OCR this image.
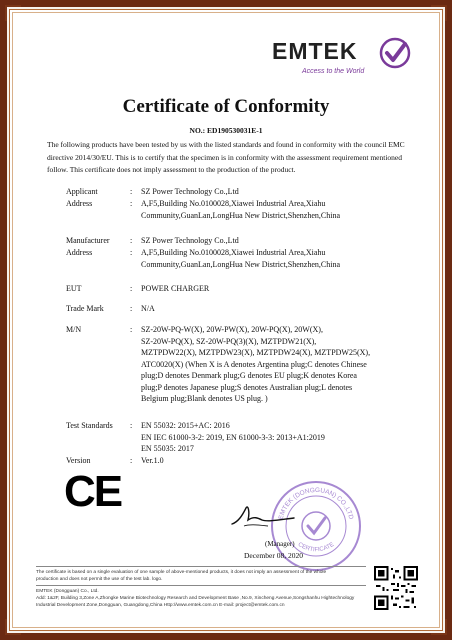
EMTEK
Access to the World
Certificate of Conformity
NO.: ED190530031E-1
The following products have been tested by us with the listed standards and found in conformity with the council EMC directive 2014/30/EU. This is to certify that the specimen is in conformity with the assessment requirement mentioned follow. This certificate does not imply assessment to the production of the product.
Applicant	: SZ Power Technology Co.,Ltd
Address	: A,F5,Building No.0100028,Xiawei Industrial Area,Xiahu
Community,GuanLan,LongHua New District,Shenzhen,China
Manufacturer	: SZ Power Technology Co.,Ltd
Address	: A,F5,Building No.0100028,Xiawei Industrial Area,Xiahu
Community,GuanLan,LongHua New District,Shenzhen,China
EUT	: POWER CHARGER
Trade Mark	: N/A
M/N	: SZ-20W-PQ-W(X), 20W-PW(X), 20W-PQ(X), 20W(X),
SZ-20W-PQ(X), SZ-20W-PQ(3)(X), MZTPDW21(X),
MZTPDW22(X), MZTPDW23(X), MZTPDW24(X), MZTPDW25(X),
ATC0020(X) (When X is A denotes Argentina plug;C denotes Chinese
plug;D denotes Denmark plug;G denotes EU plug;K denotes Korea
plug;P denotes Japanese plug;S denotes Australian plug;L denotes
Belgium plug;Blank denotes US plug. )
Test Standards : EN 55032: 2015+AC: 2016
EN IEC 61000-3-2: 2019, EN 61000-3-3: 2013+A1:2019
EN 55035: 2017
Version	: Ver.1.0
CE
EMTEK (DONGGUAN) CO.,LTD
CERTIFICATE
(Manager)
December 08, 2020
The certificate is based on a single evaluation of one sample of above-mentioned products, it does not imply an assessment of the whole
production and does not permit the use of the test lab. logo.
EMTEK (Dongguan) Co., Ltd.
Add: 1&2F, Building 3,Zone A,Zhongke Marine Biotechnology Research and Development Base ,No.9, Xincheng Avenue,Songshanhu Hightechnology
Industrial Development Zone,Dongguan, Guangdong,China Http://www.emtek.com.cn E-mail: project@emtek.com.cn
